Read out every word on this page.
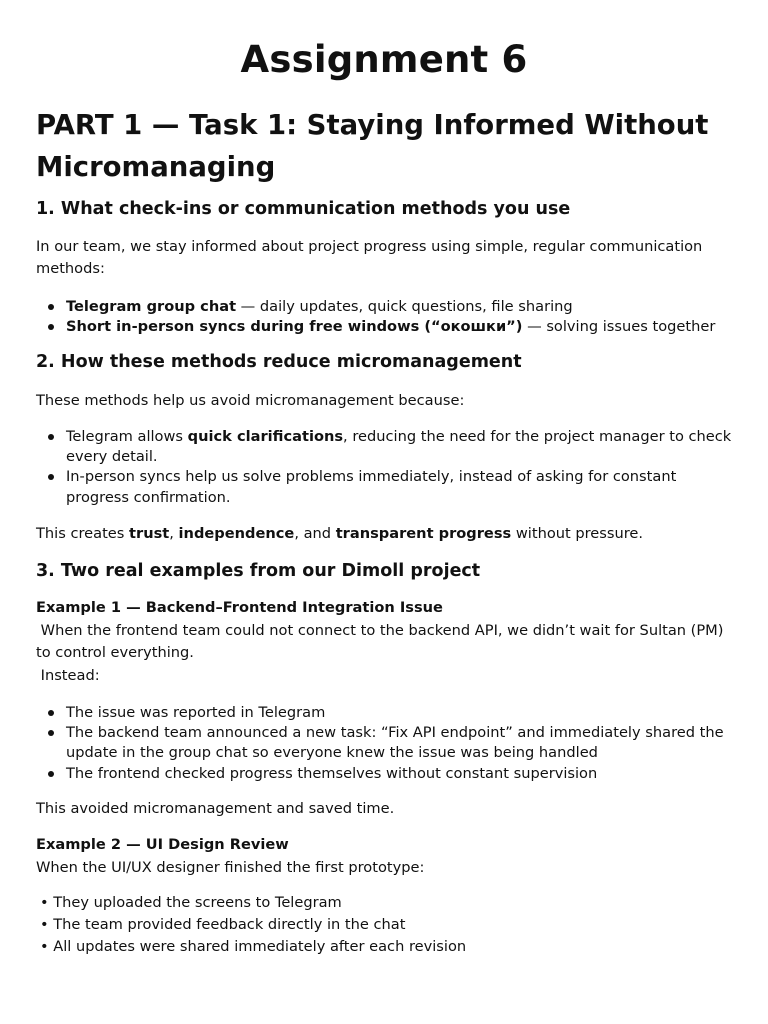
Assignment 6
PART 1 — Task 1: Staying Informed Without Micromanaging
1. What check-ins or communication methods you use
In our team, we stay informed about project progress using simple, regular communication methods:
Telegram group chat — daily updates, quick questions, file sharing
Short in-person syncs during free windows (“окошки”) — solving issues together
2. How these methods reduce micromanagement
These methods help us avoid micromanagement because:
Telegram allows quick clarifications, reducing the need for the project manager to check every detail.
In-person syncs help us solve problems immediately, instead of asking for constant progress confirmation.
This creates trust, independence, and transparent progress without pressure.
3. Two real examples from our Dimoll project
Example 1 — Backend–Frontend Integration Issue
When the frontend team could not connect to the backend API, we didn’t wait for Sultan (PM) to control everything.
Instead:
The issue was reported in Telegram
The backend team announced a new task: “Fix API endpoint” and immediately shared the update in the group chat so everyone knew the issue was being handled
The frontend checked progress themselves without constant supervision
This avoided micromanagement and saved time.
Example 2 — UI Design Review
When the UI/UX designer finished the first prototype:
• They uploaded the screens to Telegram
• The team provided feedback directly in the chat
• All updates were shared immediately after each revision
